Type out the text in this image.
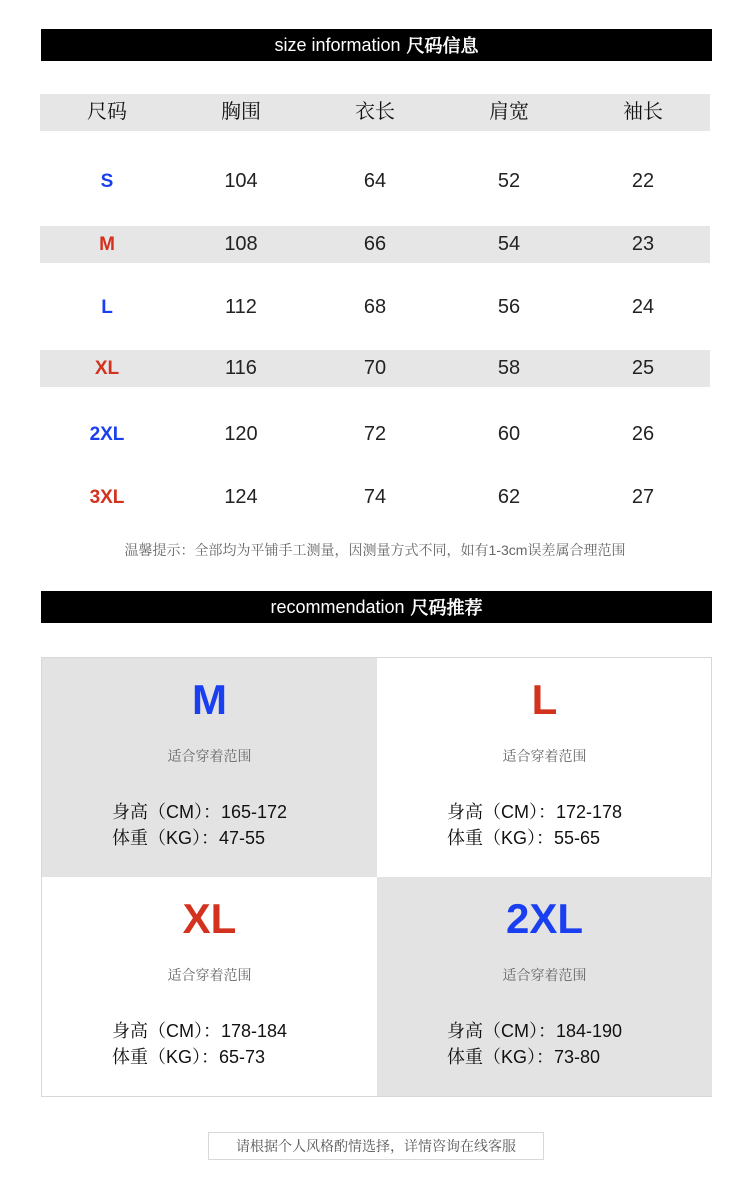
size information 尺码信息
尺码	胸围	衣长	肩宽	袖长
S	104	64	52	22
M	108	66	54	23
L	112	68	56	24
XL	116	70	58	25
2XL	120	72	60	26
3XL	124	74	62	27
温馨提示：全部均为平铺手工测量，因测量方式不同，如有1-3cm误差属合理范围
recommendation 尺码推荐
M
适合穿着范围
身高（CM）：165-172
体重（KG）：47-55
L
适合穿着范围
身高（CM）：172-178
体重（KG）：55-65
XL
适合穿着范围
身高（CM）：178-184
体重（KG）：65-73
2XL
适合穿着范围
身高（CM）：184-190
体重（KG）：73-80
请根据个人风格酌情选择，详情咨询在线客服
